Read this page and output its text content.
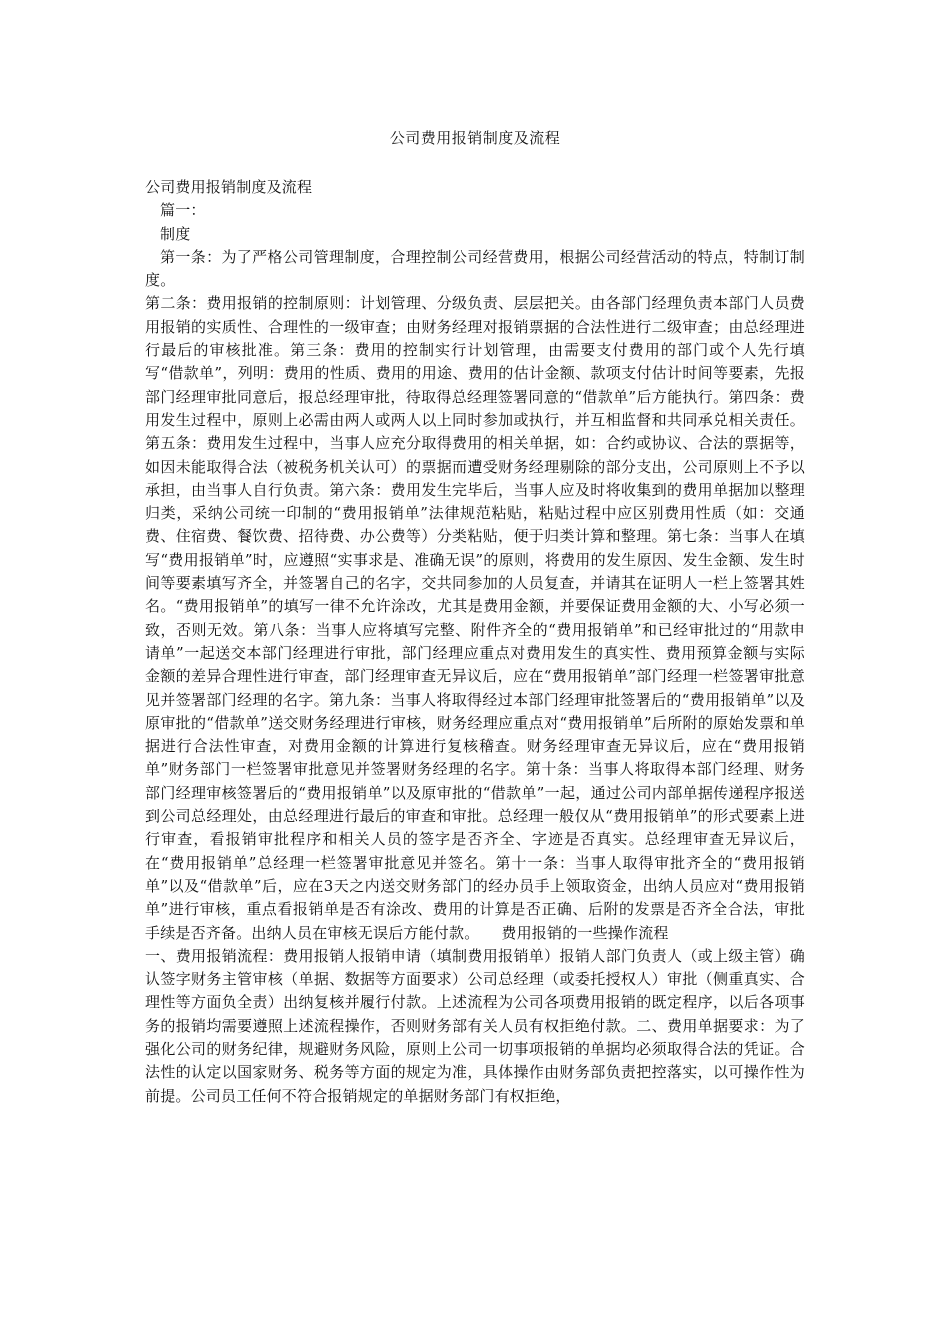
公司费用报销制度及流程

公司费用报销制度及流程

篇一：

制度

第一条：为了严格公司管理制度，合理控制公司经营费用，根据公司经营活动的特点，特制订制度。

第二条：费用报销的控制原则：计划管理、分级负责、层层把关。由各部门经理负责本部门人员费用报销的实质性、合理性的一级审查；由财务经理对报销票据的合法性进行二级审查；由总经理进行最后的审核批准。第三条：费用的控制实行计划管理，由需要支付费用的部门或个人先行填写“借款单”，列明：费用的性质、费用的用途、费用的估计金额、款项支付估计时间等要素，先报部门经理审批同意后，报总经理审批，待取得总经理签署同意的“借款单”后方能执行。第四条：费用发生过程中，原则上必需由两人或两人以上同时参加或执行，并互相监督和共同承兑相关责任。第五条：费用发生过程中，当事人应充分取得费用的相关单据，如：合约或协议、合法的票据等，如因未能取得合法（被税务机关认可）的票据而遭受财务经理剔除的部分支出，公司原则上不予以承担，由当事人自行负责。第六条：费用发生完毕后，当事人应及时将收集到的费用单据加以整理归类，采纳公司统一印制的“费用报销单”法律规范粘贴，粘贴过程中应区别费用性质（如：交通费、住宿费、餐饮费、招待费、办公费等）分类粘贴，便于归类计算和整理。第七条：当事人在填写“费用报销单”时，应遵照“实事求是、准确无误”的原则，将费用的发生原因、发生金额、发生时间等要素填写齐全，并签署自己的名字，交共同参加的人员复查，并请其在证明人一栏上签署其姓名。“费用报销单”的填写一律不允许涂改，尤其是费用金额，并要保证费用金额的大、小写必须一致，否则无效。第八条：当事人应将填写完整、附件齐全的“费用报销单”和已经审批过的“用款申请单”一起送交本部门经理进行审批，部门经理应重点对费用发生的真实性、费用预算金额与实际金额的差异合理性进行审查，部门经理审查无异议后，应在“费用报销单”部门经理一栏签署审批意见并签署部门经理的名字。第九条：当事人将取得经过本部门经理审批签署后的“费用报销单”以及原审批的“借款单”送交财务经理进行审核，财务经理应重点对“费用报销单”后所附的原始发票和单据进行合法性审查，对费用金额的计算进行复核稽查。财务经理审查无异议后，应在“费用报销单”财务部门一栏签署审批意见并签署财务经理的名字。第十条：当事人将取得本部门经理、财务部门经理审核签署后的“费用报销单”以及原审批的“借款单”一起，通过公司内部单据传递程序报送到公司总经理处，由总经理进行最后的审查和审批。总经理一般仅从“费用报销单”的形式要素上进行审查，看报销审批程序和相关人员的签字是否齐全、字迹是否真实。总经理审查无异议后，在“费用报销单”总经理一栏签署审批意见并签名。第十一条：当事人取得审批齐全的“费用报销单”以及“借款单”后，应在3天之内送交财务部门的经办员手上领取资金，出纳人员应对“费用报销单”进行审核，重点看报销单是否有涂改、费用的计算是否正确、后附的发票是否齐全合法，审批手续是否齐备。出纳人员在审核无误后方能付款。 费用报销的一些操作流程

一、费用报销流程：费用报销人报销申请（填制费用报销单）报销人部门负责人（或上级主管）确认签字财务主管审核（单据、数据等方面要求）公司总经理（或委托授权人）审批（侧重真实、合理性等方面负全责）出纳复核并履行付款。上述流程为公司各项费用报销的既定程序，以后各项事务的报销均需要遵照上述流程操作，否则财务部有关人员有权拒绝付款。二、费用单据要求：为了强化公司的财务纪律，规避财务风险，原则上公司一切事项报销的单据均必须取得合法的凭证。合法性的认定以国家财务、税务等方面的规定为准，具体操作由财务部负责把控落实，以可操作性为前提。公司员工任何不符合报销规定的单据财务部门有权拒绝，
